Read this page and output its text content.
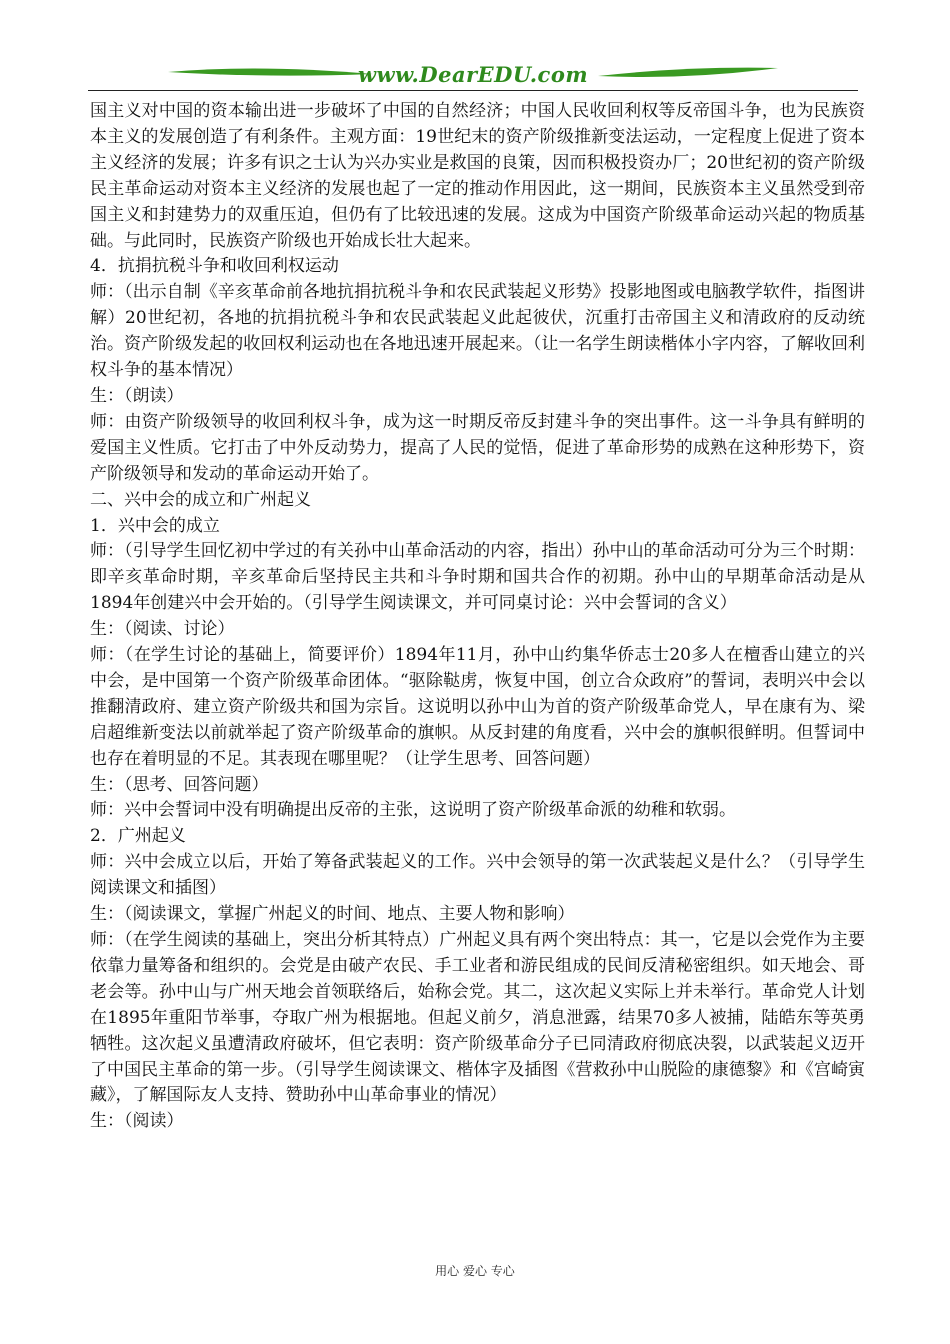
www.DearEDU.com

国主义对中国的资本输出进一步破坏了中国的自然经济；中国人民收回利权等反帝国斗争，也为民族资本主义的发展创造了有利条件。主观方面：19世纪末的资产阶级推新变法运动，一定程度上促进了资本主义经济的发展；许多有识之士认为兴办实业是救国的良策，因而积极投资办厂；20世纪初的资产阶级民主革命运动对资本主义经济的发展也起了一定的推动作用因此，这一期间，民族资本主义虽然受到帝国主义和封建势力的双重压迫，但仍有了比较迅速的发展。这成为中国资产阶级革命运动兴起的物质基础。与此同时，民族资产阶级也开始成长壮大起来。

4．抗捐抗税斗争和收回利权运动

师：（出示自制《辛亥革命前各地抗捐抗税斗争和农民武装起义形势》投影地图或电脑教学软件，指图讲解）20世纪初，各地的抗捐抗税斗争和农民武装起义此起彼伏，沉重打击帝国主义和清政府的反动统治。资产阶级发起的收回权利运动也在各地迅速开展起来。（让一名学生朗读楷体小字内容，了解收回利权斗争的基本情况）

生：（朗读）

师：由资产阶级领导的收回利权斗争，成为这一时期反帝反封建斗争的突出事件。这一斗争具有鲜明的爱国主义性质。它打击了中外反动势力，提高了人民的觉悟，促进了革命形势的成熟在这种形势下，资产阶级领导和发动的革命运动开始了。

二、兴中会的成立和广州起义

1．兴中会的成立

师：（引导学生回忆初中学过的有关孙中山革命活动的内容，指出）孙中山的革命活动可分为三个时期：即辛亥革命时期，辛亥革命后坚持民主共和斗争时期和国共合作的初期。孙中山的早期革命活动是从1894年创建兴中会开始的。（引导学生阅读课文，并可同桌讨论：兴中会誓词的含义）

生：（阅读、讨论）

师：（在学生讨论的基础上，简要评价）1894年11月，孙中山约集华侨志士20多人在檀香山建立的兴中会，是中国第一个资产阶级革命团体。“驱除鞑虏，恢复中国，创立合众政府”的誓词，表明兴中会以推翻清政府、建立资产阶级共和国为宗旨。这说明以孙中山为首的资产阶级革命党人，早在康有为、梁启超维新变法以前就举起了资产阶级革命的旗帜。从反封建的角度看，兴中会的旗帜很鲜明。但誓词中也存在着明显的不足。其表现在哪里呢？（让学生思考、回答问题）

生：（思考、回答问题）

师：兴中会誓词中没有明确提出反帝的主张，这说明了资产阶级革命派的幼稚和软弱。

2．广州起义

师：兴中会成立以后，开始了筹备武装起义的工作。兴中会领导的第一次武装起义是什么？（引导学生阅读课文和插图）

生：（阅读课文，掌握广州起义的时间、地点、主要人物和影响）

师：（在学生阅读的基础上，突出分析其特点）广州起义具有两个突出特点：其一，它是以会党作为主要依靠力量筹备和组织的。会党是由破产农民、手工业者和游民组成的民间反清秘密组织。如天地会、哥老会等。孙中山与广州天地会首领联络后，始称会党。其二，这次起义实际上并未举行。革命党人计划在1895年重阳节举事，夺取广州为根据地。但起义前夕，消息泄露，结果70多人被捕，陆皓东等英勇牺牲。这次起义虽遭清政府破坏，但它表明：资产阶级革命分子已同清政府彻底决裂，以武装起义迈开了中国民主革命的第一步。（引导学生阅读课文、楷体字及插图《营救孙中山脱险的康德黎》和《宫崎寅藏》，了解国际友人支持、赞助孙中山革命事业的情况）

生：（阅读）

用心 爱心 专心
